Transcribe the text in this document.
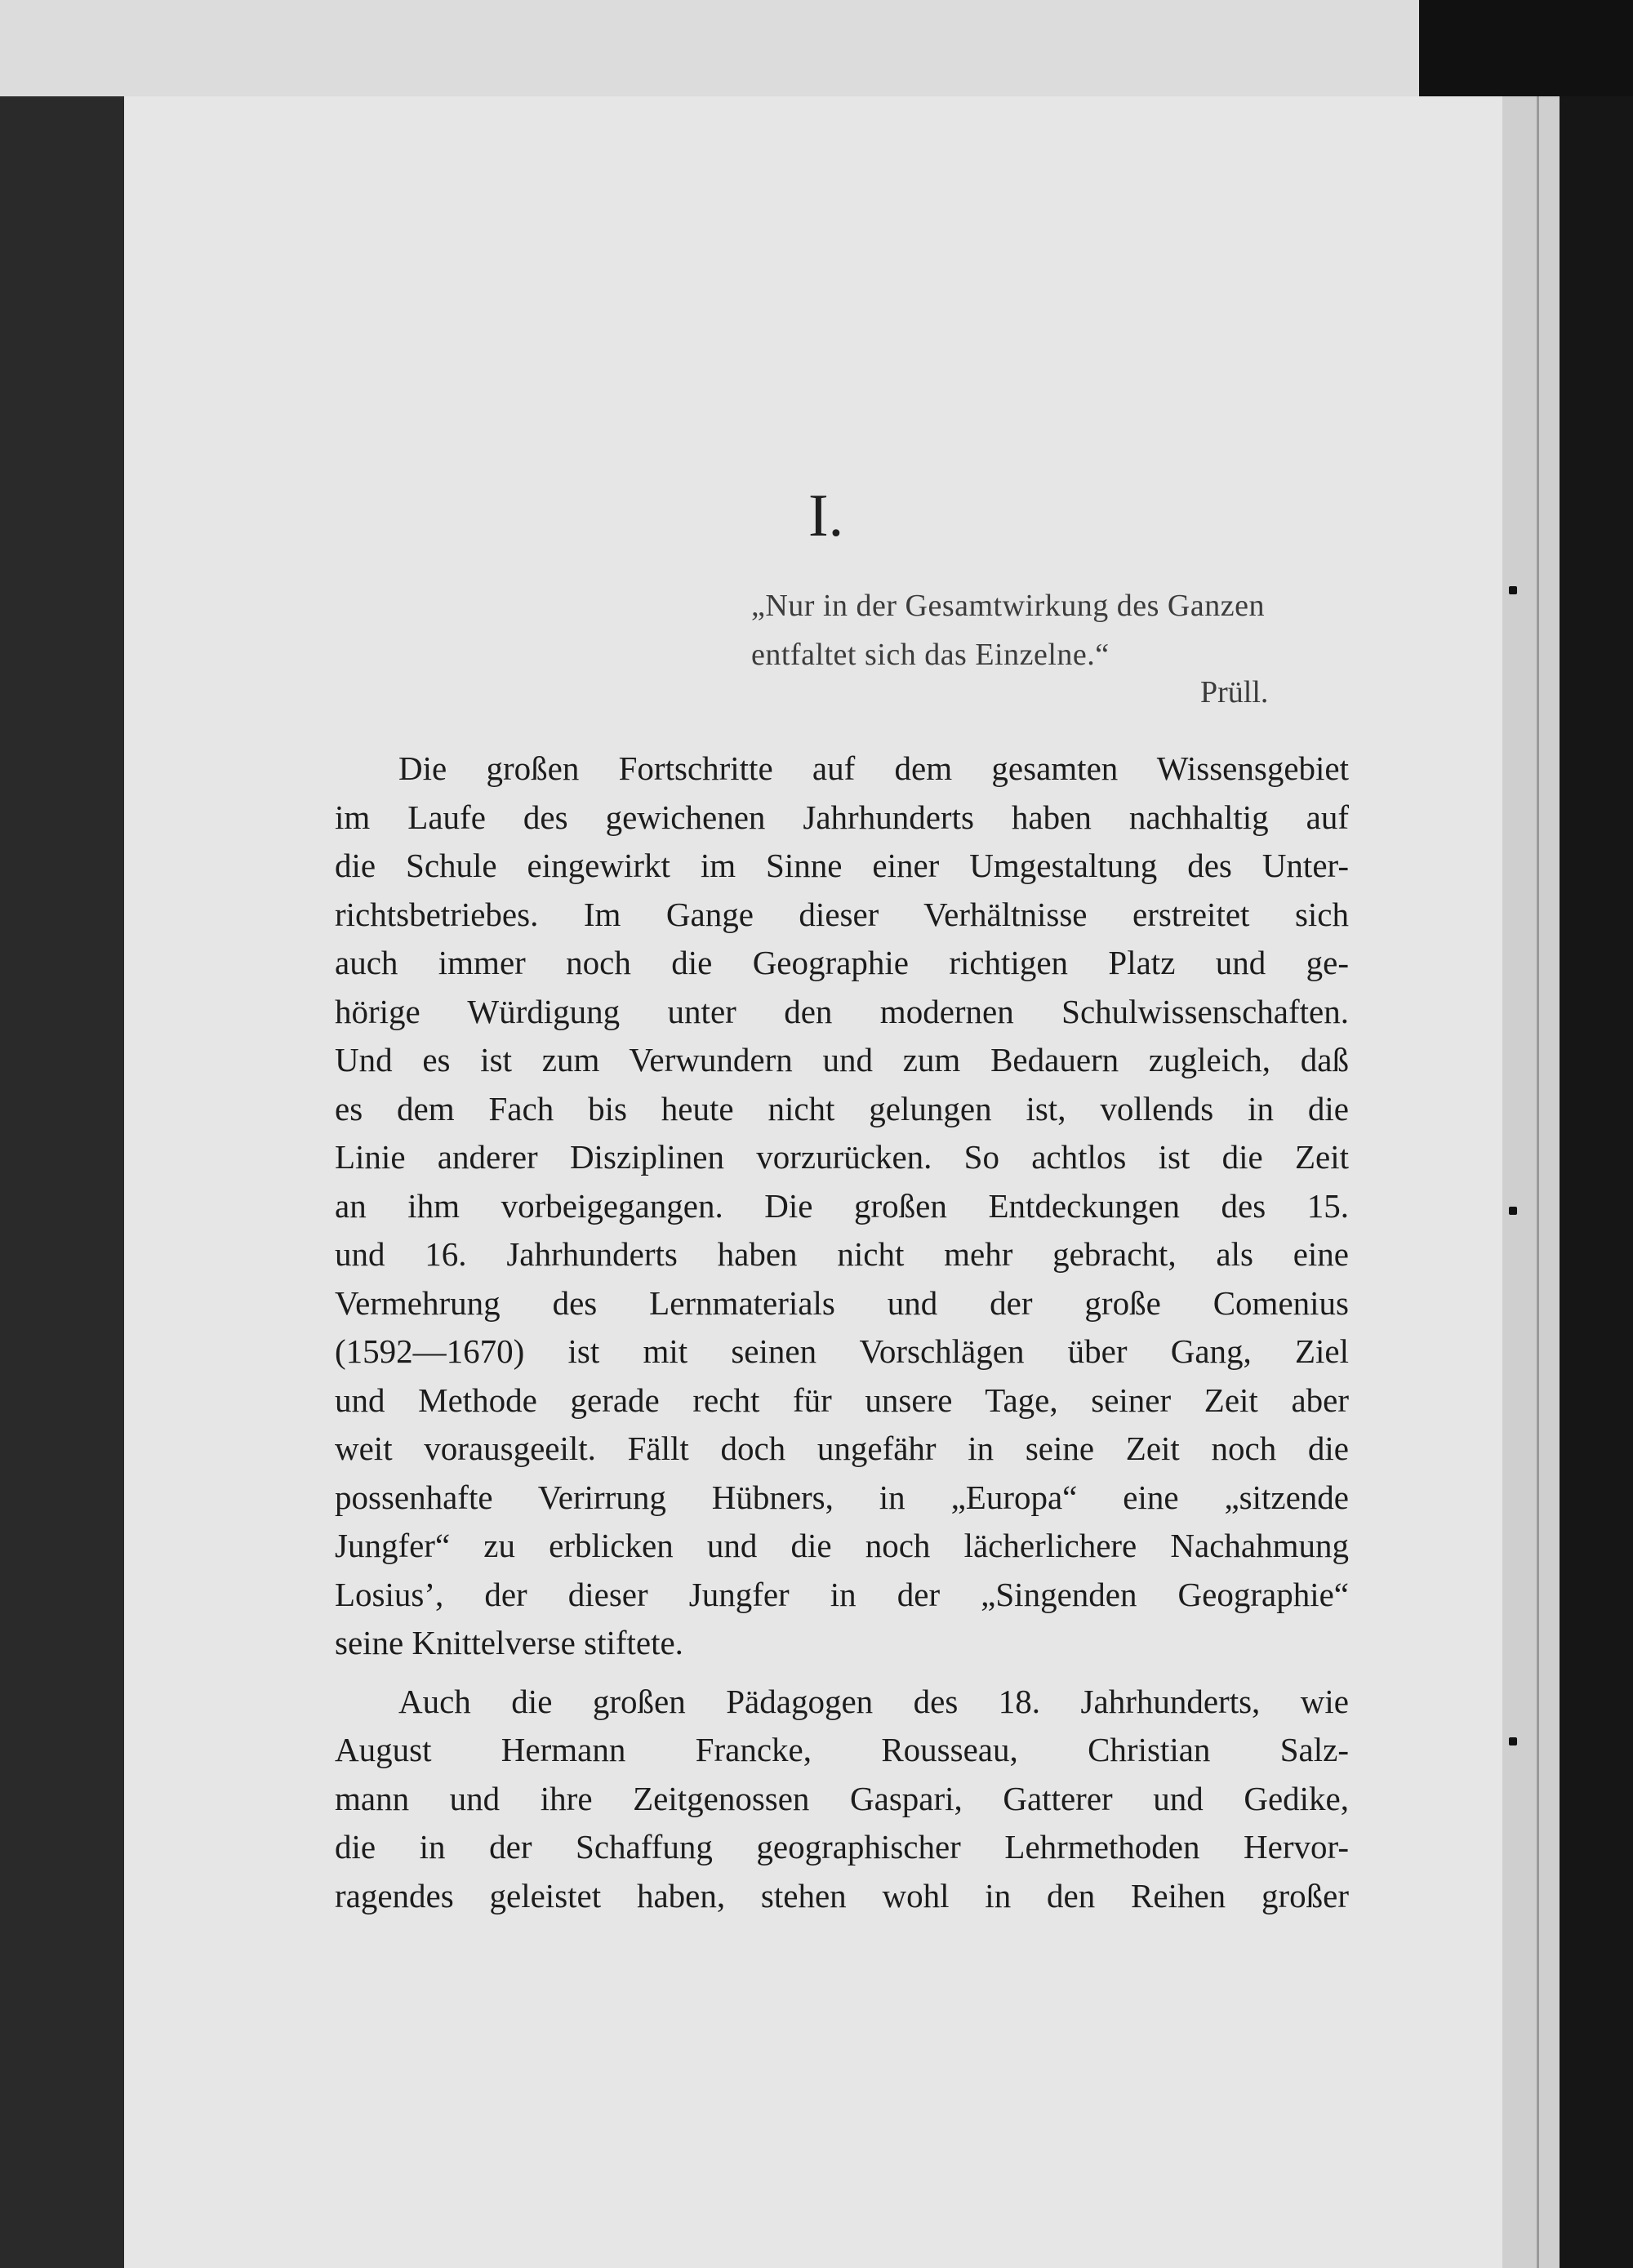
I.
„Nur in der Gesamtwirkung des Ganzen
entfaltet sich das Einzelne.“
Prüll.
Die großen Fortschritte auf dem gesamten Wissensgebiet
im Laufe des gewichenen Jahrhunderts haben nachhaltig auf
die Schule eingewirkt im Sinne einer Umgestaltung des Unter-
richtsbetriebes. Im Gange dieser Verhältnisse erstreitet sich
auch immer noch die Geographie richtigen Platz und ge-
hörige Würdigung unter den modernen Schulwissenschaften.
Und es ist zum Verwundern und zum Bedauern zugleich, daß
es dem Fach bis heute nicht gelungen ist, vollends in die
Linie anderer Disziplinen vorzurücken. So achtlos ist die Zeit
an ihm vorbeigegangen. Die großen Entdeckungen des 15.
und 16. Jahrhunderts haben nicht mehr gebracht, als eine
Vermehrung des Lernmaterials und der große Comenius
(1592—1670) ist mit seinen Vorschlägen über Gang, Ziel
und Methode gerade recht für unsere Tage, seiner Zeit aber
weit vorausgeeilt. Fällt doch ungefähr in seine Zeit noch die
possenhafte Verirrung Hübners, in „Europa“ eine „sitzende
Jungfer“ zu erblicken und die noch lächerlichere Nachahmung
Losius’, der dieser Jungfer in der „Singenden Geographie“
seine Knittelverse stiftete.
Auch die großen Pädagogen des 18. Jahrhunderts, wie
August Hermann Francke, Rousseau, Christian Salz-
mann und ihre Zeitgenossen Gaspari, Gatterer und Gedike,
die in der Schaffung geographischer Lehrmethoden Hervor-
ragendes geleistet haben, stehen wohl in den Reihen großer
